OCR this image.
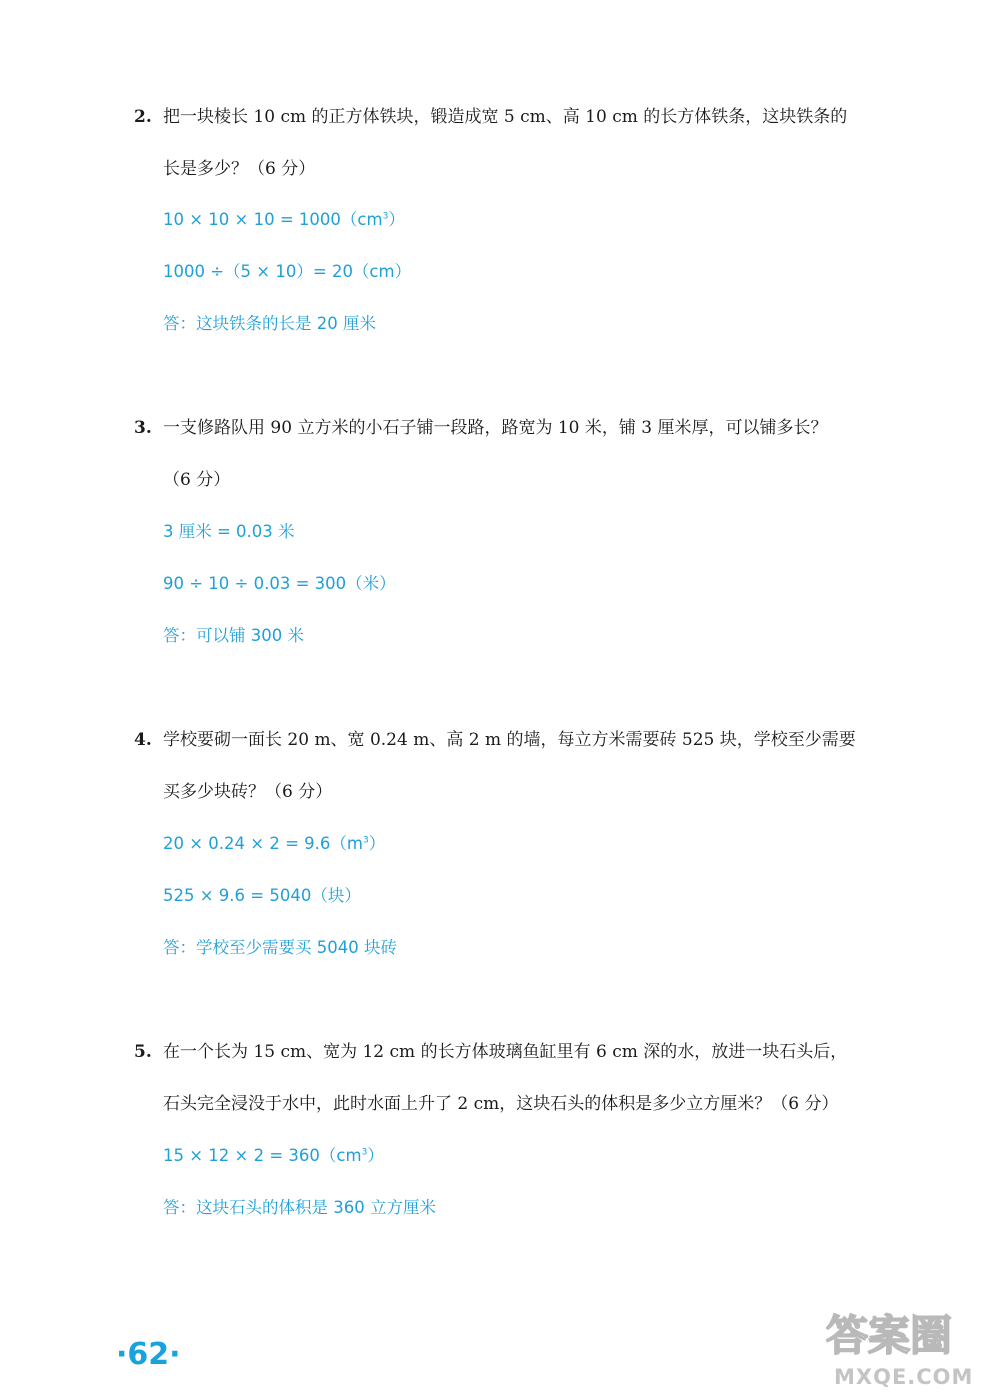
2. 把一块棱长 10 cm 的正方体铁块，锻造成宽 5 cm、高 10 cm 的长方体铁条，这块铁条的
长是多少？（6 分）
$10 \times 10 \times 10 = 1000(cm^3)$
1000 ÷（5 × 10）= 20（cm）
答：这块铁条的长是 20 厘米
3. 一支修路队用 90 立方米的小石子铺一段路，路宽为 10 米，铺 3 厘米厚，可以铺多长？
（6 分）
3 厘米 = 0.03 米
90 ÷ 10 ÷ 0.03 = 300（米）
答：可以铺 300 米
4. 学校要砌一面长 20 m、宽 0.24 m、高 2 m 的墙，每立方米需要砖 525 块，学校至少需要
买多少块砖？（6 分）
$20 \times 0.24 \times 2 = 9.6(m^3)$
525 × 9.6 = 5040（块）
答：学校至少需要买 5040 块砖
5. 在一个长为 15 cm、宽为 12 cm 的长方体玻璃鱼缸里有 6 cm 深的水，放进一块石头后，
石头完全浸没于水中，此时水面上升了 2 cm，这块石头的体积是多少立方厘米？（6 分）
$15 \times 12 \times 2 = 360(cm^3)$
答：这块石头的体积是 360 立方厘米
·62·	答案圈
MXQE.COM
